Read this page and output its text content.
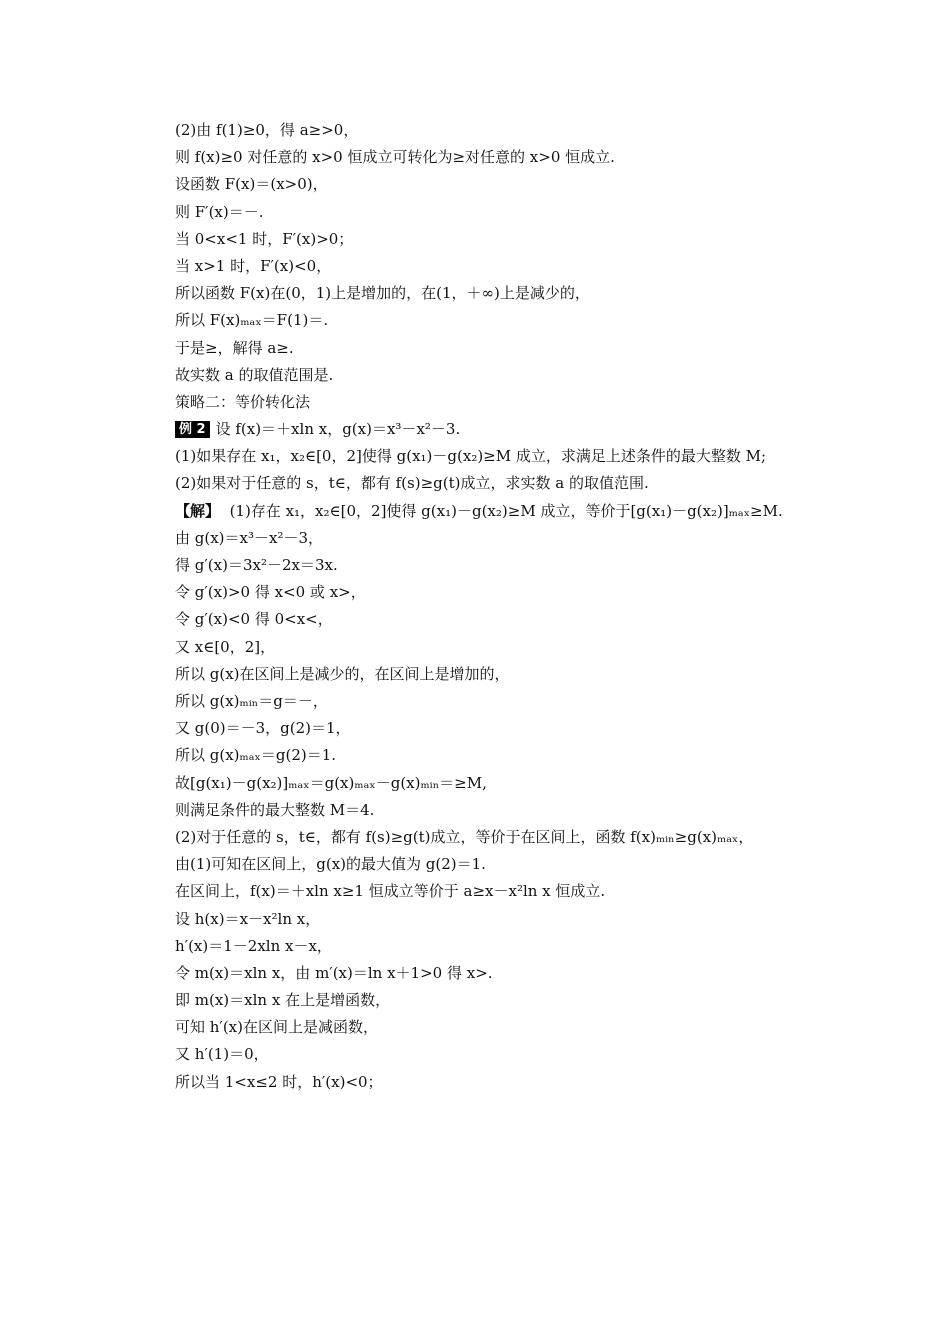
(2)由 f(1)≥0，得 a≥>0，
则 f(x)≥0 对任意的 x>0 恒成立可转化为≥对任意的 x>0 恒成立.
设函数 F(x)＝(x>0)，
则 F′(x)＝－.
当 0<x<1 时，F′(x)>0；
当 x>1 时，F′(x)<0，
所以函数 F(x)在(0，1)上是增加的，在(1，＋∞)上是减少的，
所以 F(x)ₘₐₓ＝F(1)＝.
于是≥，解得 a≥.
故实数 a 的取值范围是.
策略二：等价转化法
例 2 设 f(x)＝＋xln x，g(x)＝x³－x²－3.
(1)如果存在 x₁，x₂∈[0，2]使得 g(x₁)－g(x₂)≥M 成立，求满足上述条件的最大整数 M;
(2)如果对于任意的 s，t∈，都有 f(s)≥g(t)成立，求实数 a 的取值范围.
【解】 (1)存在 x₁，x₂∈[0，2]使得 g(x₁)－g(x₂)≥M 成立，等价于[g(x₁)－g(x₂)]ₘₐₓ≥M.
由 g(x)＝x³－x²－3，
得 g′(x)＝3x²－2x＝3x.
令 g′(x)>0 得 x<0 或 x>，
令 g′(x)<0 得 0<x<，
又 x∈[0，2]，
所以 g(x)在区间上是减少的，在区间上是增加的，
所以 g(x)ₘᵢₙ＝g＝－，
又 g(0)＝－3，g(2)＝1，
所以 g(x)ₘₐₓ＝g(2)＝1.
故[g(x₁)－g(x₂)]ₘₐₓ＝g(x)ₘₐₓ－g(x)ₘᵢₙ＝≥M,
则满足条件的最大整数 M＝4.
(2)对于任意的 s，t∈，都有 f(s)≥g(t)成立，等价于在区间上，函数 f(x)ₘᵢₙ≥g(x)ₘₐₓ，
由(1)可知在区间上，g(x)的最大值为 g(2)＝1.
在区间上，f(x)＝＋xln x≥1 恒成立等价于 a≥x－x²ln x 恒成立.
设 h(x)＝x－x²ln x，
h′(x)＝1－2xln x－x，
令 m(x)＝xln x，由 m′(x)＝ln x＋1>0 得 x>.
即 m(x)＝xln x 在上是增函数，
可知 h′(x)在区间上是减函数，
又 h′(1)＝0，
所以当 1<x≤2 时，h′(x)<0；
